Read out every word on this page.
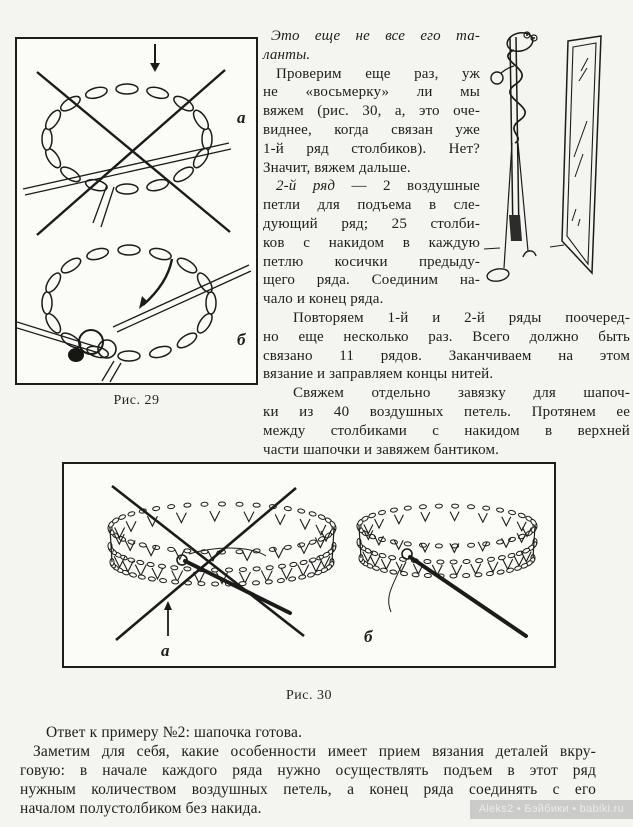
а
б
Рис. 29
Это еще не все его та-
ланты.
Проверим еще раз, уж
не «восьмерку» ли мы
вяжем (рис. 30, а, это оче-
виднее, когда связан уже
1-й ряд столбиков). Нет?
Значит, вяжем дальше.
2-й ряд — 2 воздушные
петли для подъема в сле-
дующий ряд; 25 столби-
ков с накидом в каждую
петлю косички предыду-
щего ряда. Соединим на-
чало и конец ряда.
Повторяем 1-й и 2-й ряды поочеред-
но еще несколько раз. Всего должно быть
связано 11 рядов. Заканчиваем на этом
вязание и заправляем концы нитей.
Свяжем отдельно завязку для шапоч-
ки из 40 воздушных петель. Протянем ее
между столбиками с накидом в верхней
части шапочки и завяжем бантиком.
а
б
Рис. 30
Ответ к примеру №2: шапочка готова.
Заметим для себя, какие особенности имеет прием вязания деталей вкру-
говую: в начале каждого ряда нужно осуществлять подъем в этот ряд
нужным количеством воздушных петель, а конец ряда соединять с его
началом полустолбиком без накида.	Aleks2 • Бэйбики • babiki.ru
